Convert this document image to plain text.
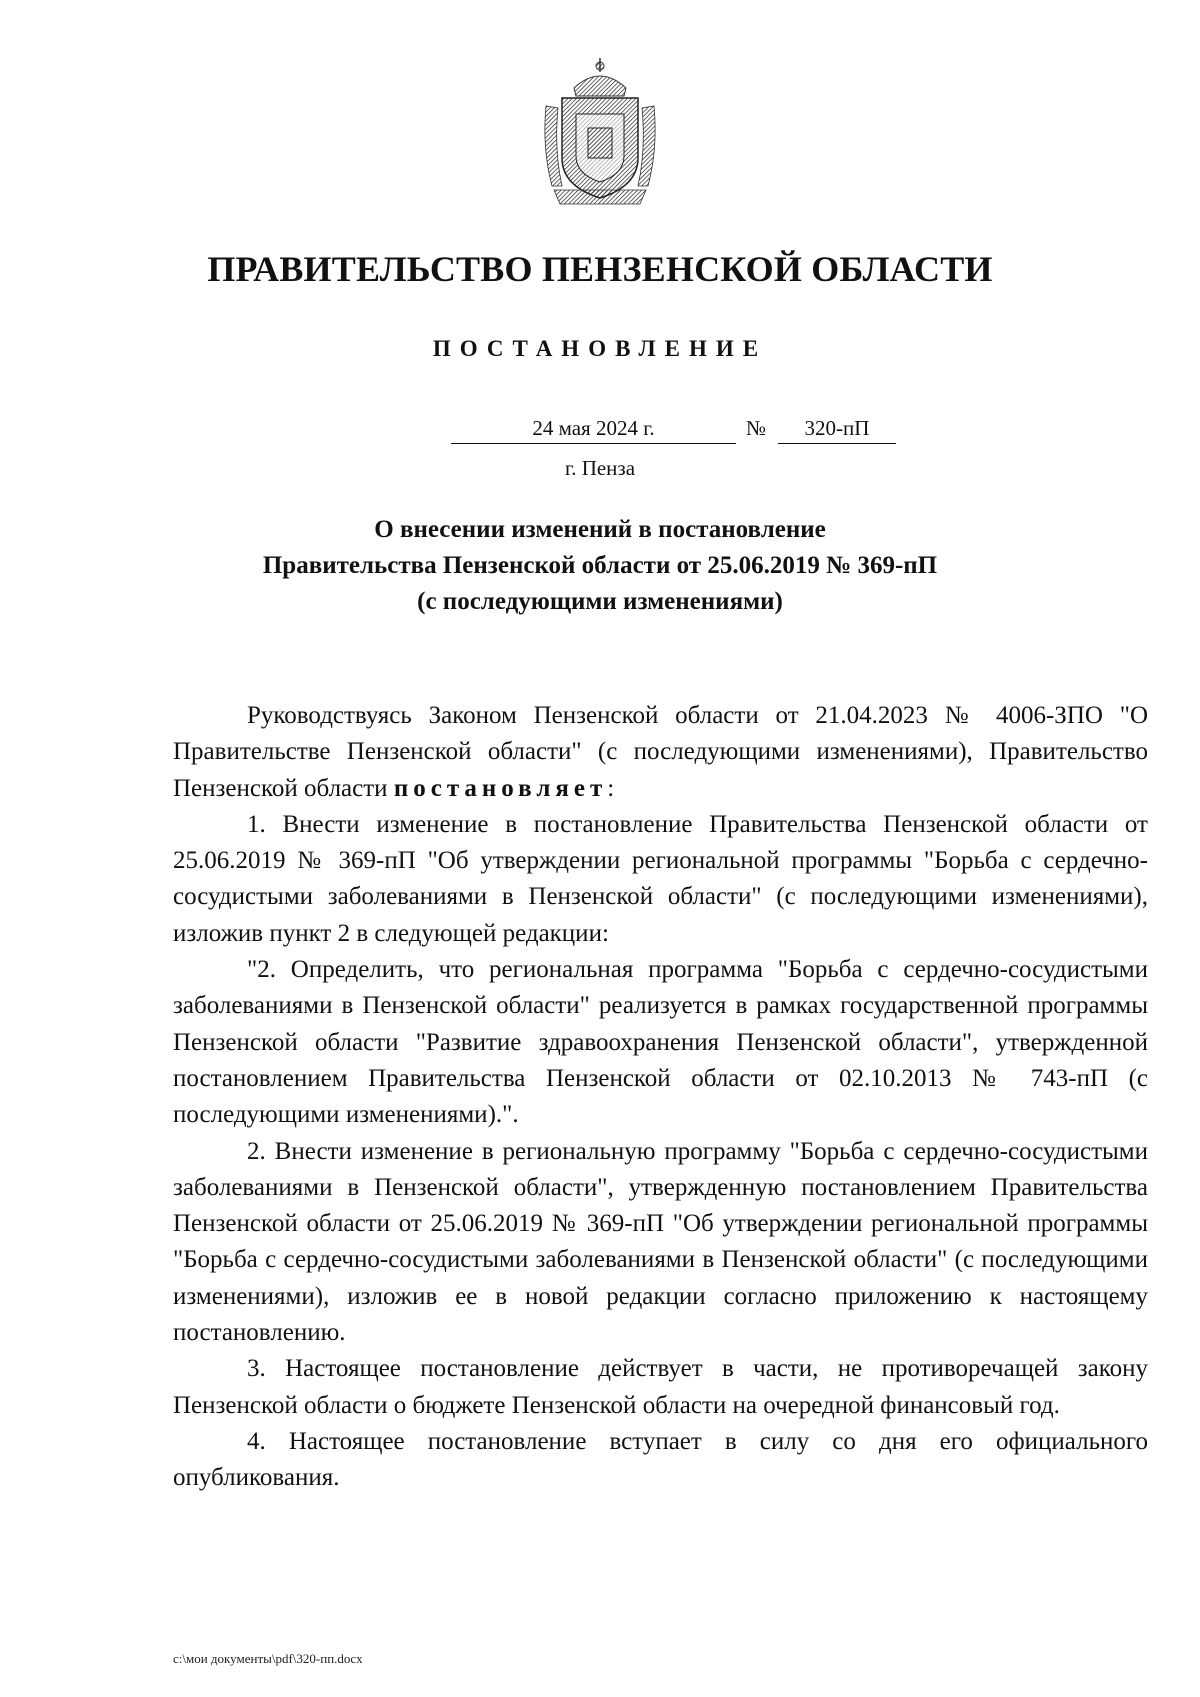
ПРАВИТЕЛЬСТВО ПЕНЗЕНСКОЙ ОБЛАСТИ
ПОСТАНОВЛЕНИЕ
24 мая 2024 г.	№	320-пП
г. Пенза
О внесении изменений в постановление
Правительства Пензенской области от 25.06.2019 № 369-пП
(с последующими изменениями)

Руководствуясь Законом Пензенской области от 21.04.2023 № 4006-ЗПО "О Правительстве Пензенской области" (с последующими изменениями), Правительство Пензенской области постановляет:

1. Внести изменение в постановление Правительства Пензенской области от 25.06.2019 № 369-пП "Об утверждении региональной программы "Борьба с сердечно-сосудистыми заболеваниями в Пензенской области" (с последующими изменениями), изложив пункт 2 в следующей редакции:

"2. Определить, что региональная программа "Борьба с сердечно-сосудистыми заболеваниями в Пензенской области" реализуется в рамках государственной программы Пензенской области "Развитие здравоохранения Пензенской области", утвержденной постановлением Правительства Пензенской области от 02.10.2013 № 743-пП (с последующими изменениями).".

2. Внести изменение в региональную программу "Борьба с сердечно-сосудистыми заболеваниями в Пензенской области", утвержденную постановлением Правительства Пензенской области от 25.06.2019 № 369-пП "Об утверждении региональной программы "Борьба с сердечно-сосудистыми заболеваниями в Пензенской области" (с последующими изменениями), изложив ее в новой редакции согласно приложению к настоящему постановлению.

3. Настоящее постановление действует в части, не противоречащей закону Пензенской области о бюджете Пензенской области на очередной финансовый год.

4. Настоящее постановление вступает в силу со дня его официального опубликования.

c:\мои документы\pdf\320-пп.docx
